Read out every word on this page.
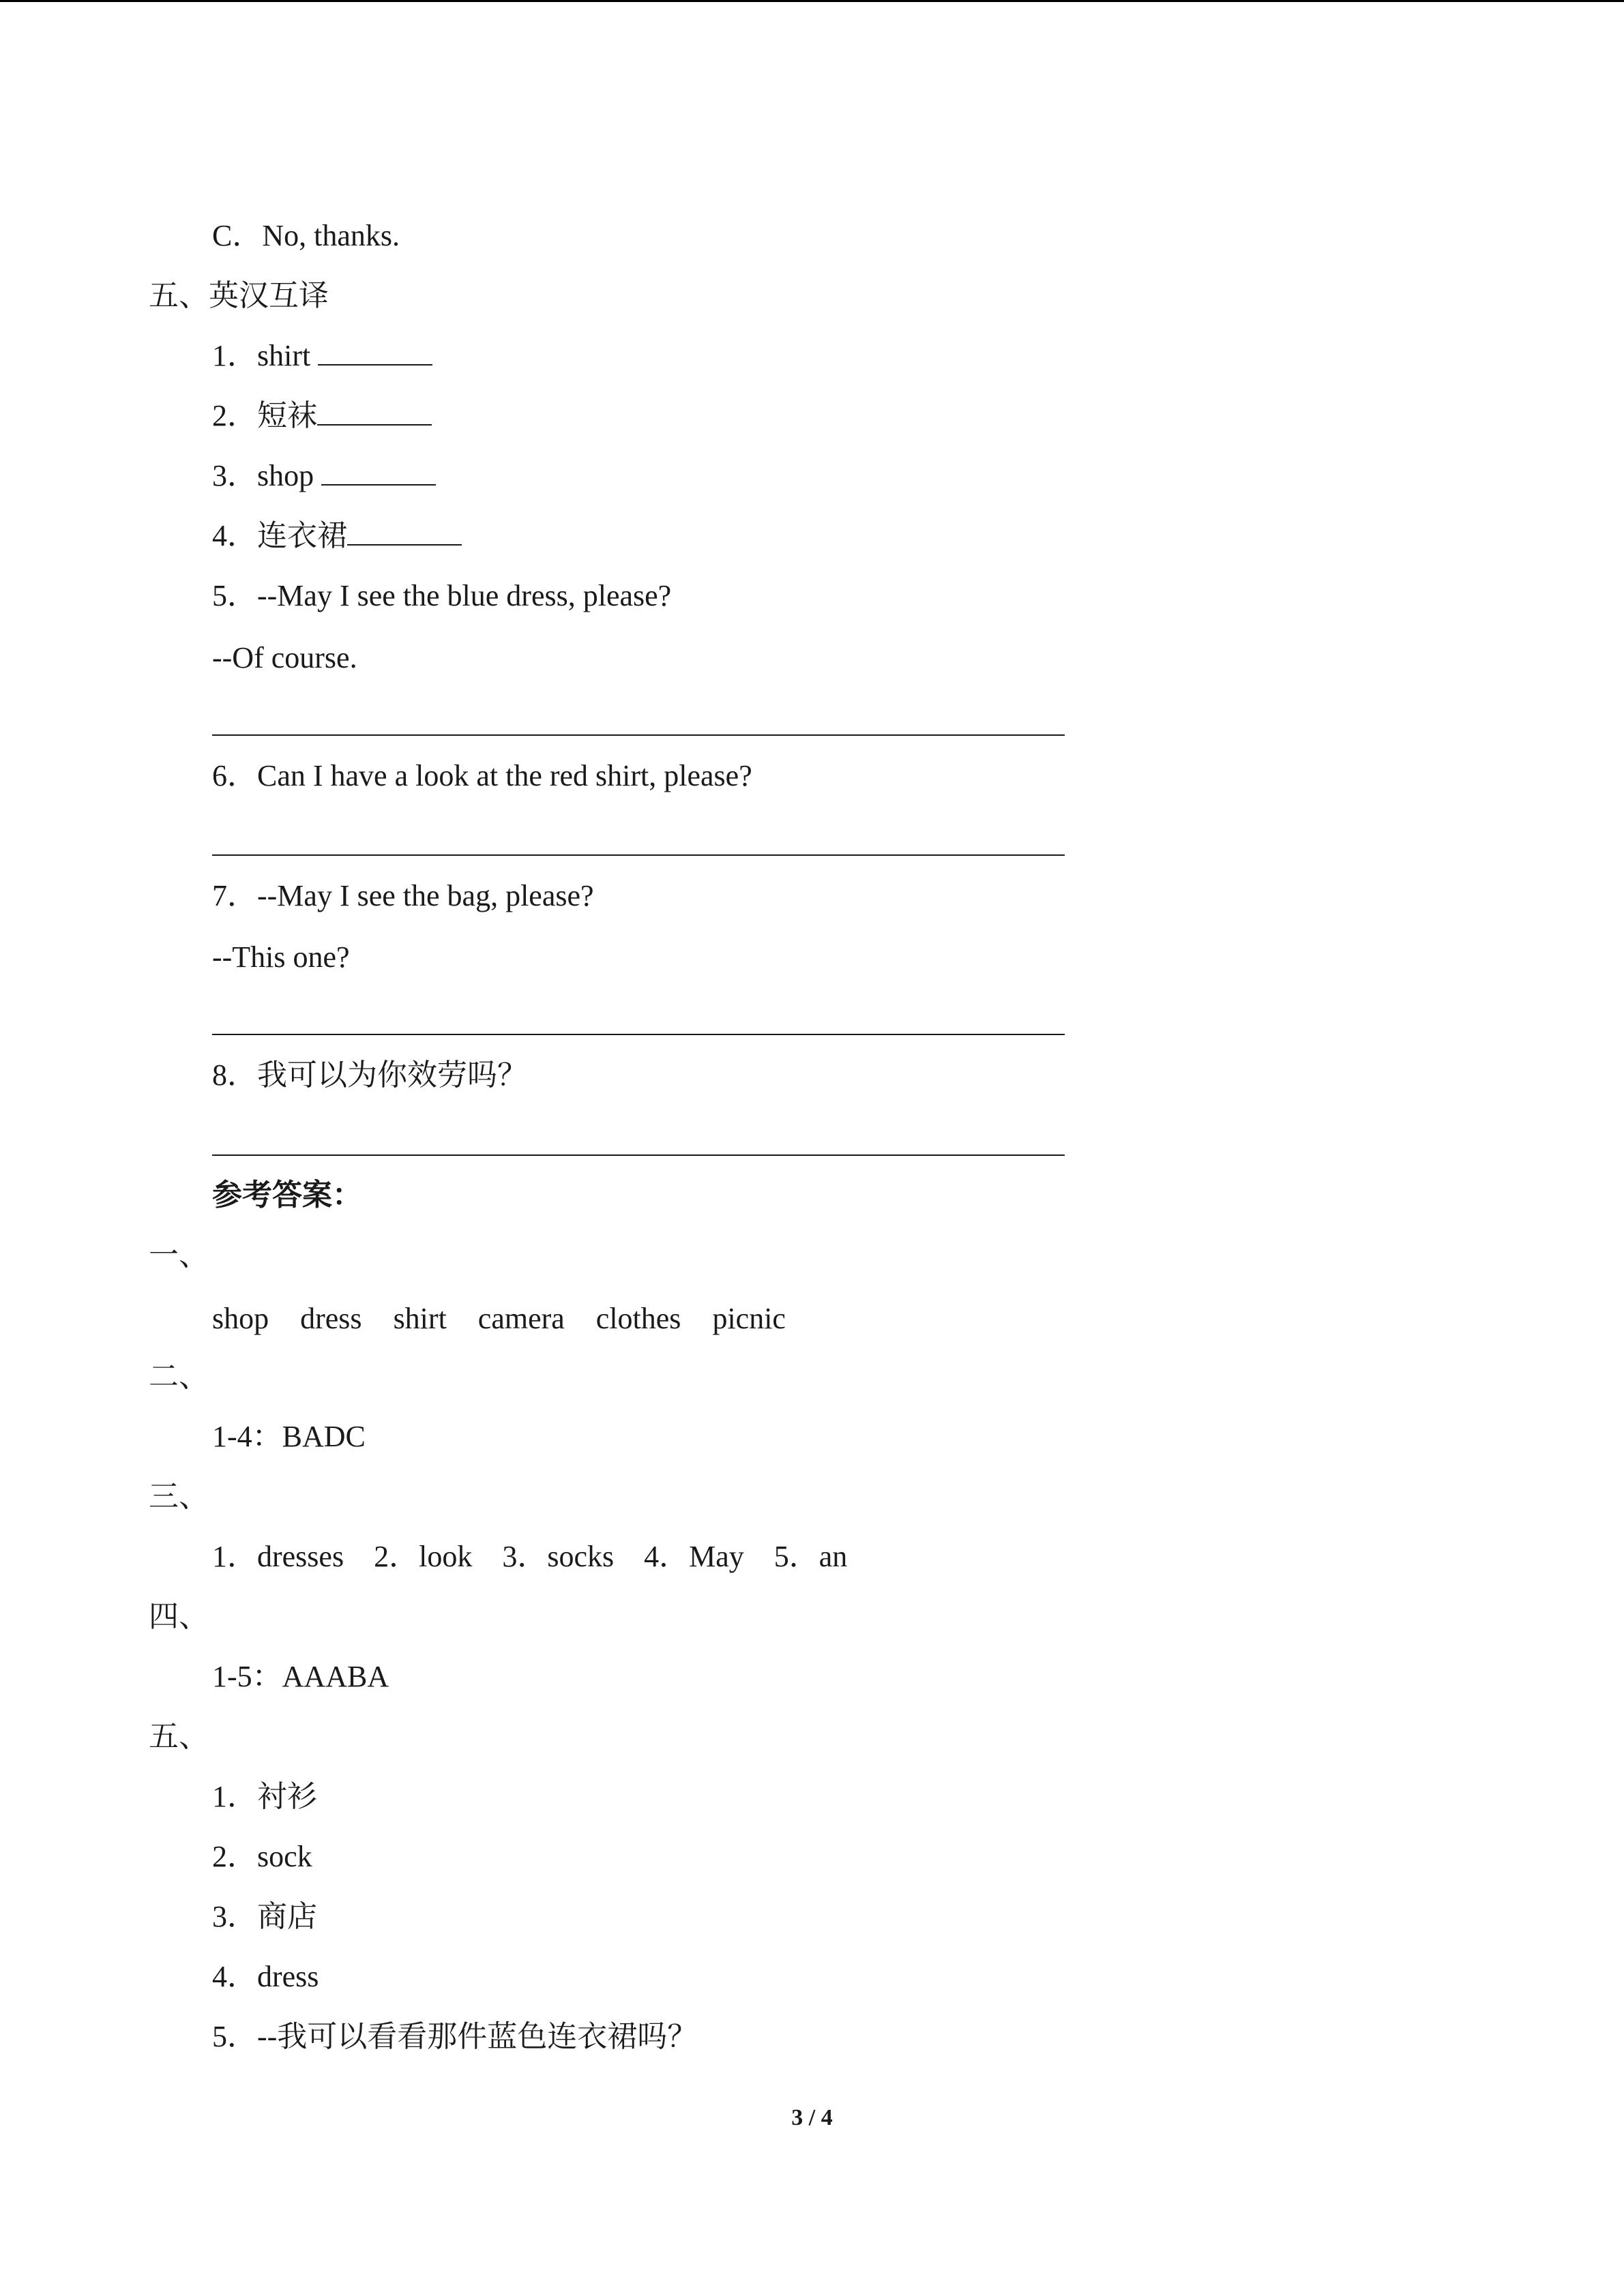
C．No, thanks.
五、英汉互译
1．shirt
2．短袜
3．shop
4．连衣裙
5．--May I see the blue dress, please?
--Of course.
6．Can I have a look at the red shirt, please?
7．--May I see the bag, please?
--This one?
8．我可以为你效劳吗？
参考答案：
一、
shop dress shirt camera clothes picnic
二、
1-4：BADC
三、
1．dresses 2．look 3．socks 4．May 5．an
四、
1-5：AAABA
五、
1．衬衫
2．sock
3．商店
4．dress
5．--我可以看看那件蓝色连衣裙吗？
3 / 4
